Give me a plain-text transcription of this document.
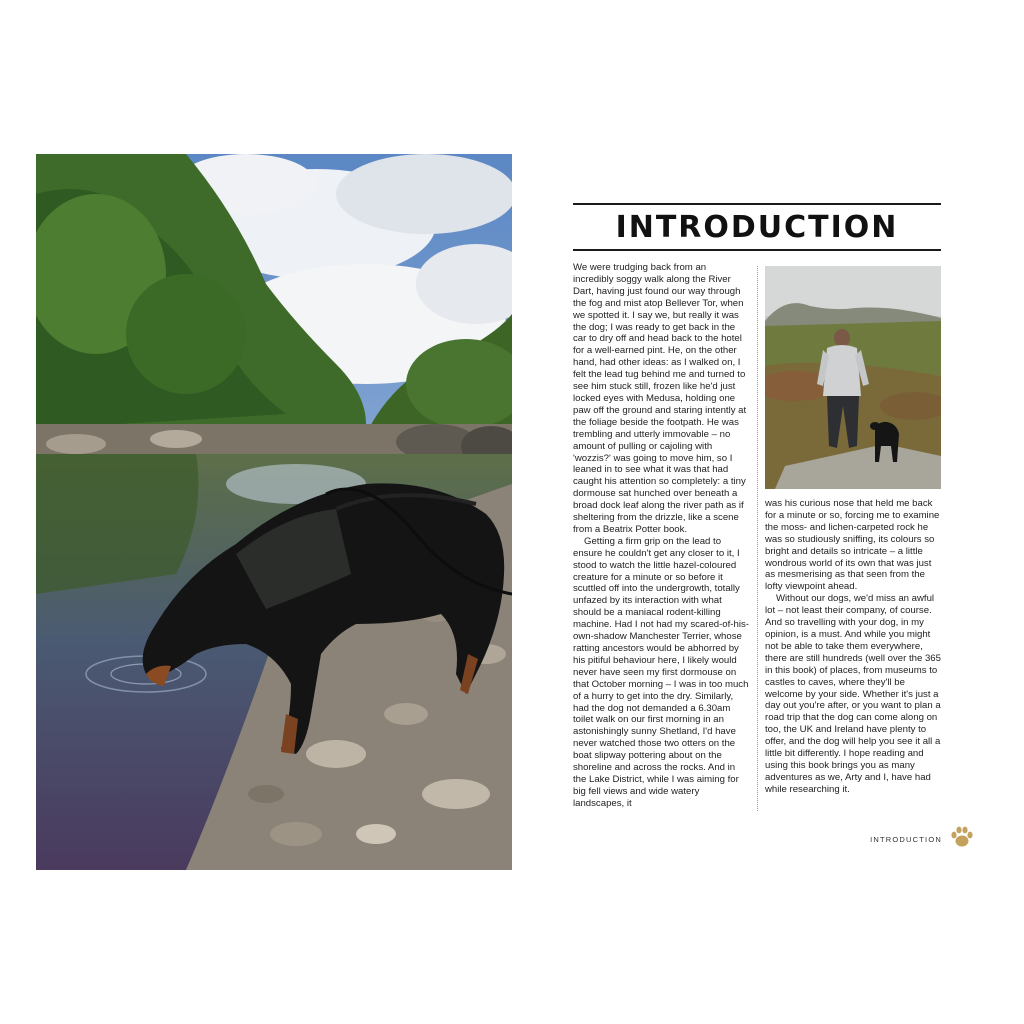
INTRODUCTION

We were trudging back from an incredibly soggy walk along the River Dart, having just found our way through the fog and mist atop Bellever Tor, when we spotted it. I say we, but really it was the dog; I was ready to get back in the car to dry off and head back to the hotel for a well-earned pint. He, on the other hand, had other ideas: as I walked on, I felt the lead tug behind me and turned to see him stuck still, frozen like he'd just locked eyes with Medusa, holding one paw off the ground and staring intently at the foliage beside the footpath. He was trembling and utterly immovable – no amount of pulling or cajoling with 'wozzis?' was going to move him, so I leaned in to see what it was that had caught his attention so completely: a tiny dormouse sat hunched over beneath a broad dock leaf along the river path as if sheltering from the drizzle, like a scene from a Beatrix Potter book.

Getting a firm grip on the lead to ensure he couldn't get any closer to it, I stood to watch the little hazel-coloured creature for a minute or so before it scuttled off into the undergrowth, totally unfazed by its interaction with what should be a maniacal rodent-killing machine. Had I not had my scared-of-his-own-shadow Manchester Terrier, whose ratting ancestors would be abhorred by his pitiful behaviour here, I likely would never have seen my first dormouse on that October morning – I was in too much of a hurry to get into the dry. Similarly, had the dog not demanded a 6.30am toilet walk on our first morning in an astonishingly sunny Shetland, I'd have never watched those two otters on the boat slipway pottering about on the shoreline and across the rocks. And in the Lake District, while I was aiming for big fell views and wide watery landscapes, it

was his curious nose that held me back for a minute or so, forcing me to examine the moss- and lichen-carpeted rock he was so studiously sniffing, its colours so bright and details so intricate – a little wondrous world of its own that was just as mesmerising as that seen from the lofty viewpoint ahead.

Without our dogs, we'd miss an awful lot – not least their company, of course. And so travelling with your dog, in my opinion, is a must. And while you might not be able to take them everywhere, there are still hundreds (well over the 365 in this book) of places, from museums to castles to caves, where they'll be welcome by your side. Whether it's just a day out you're after, or you want to plan a road trip that the dog can come along on too, the UK and Ireland have plenty to offer, and the dog will help you see it all a little bit differently. I hope reading and using this book brings you as many adventures as we, Arty and I, have had while researching it.

INTRODUCTION
